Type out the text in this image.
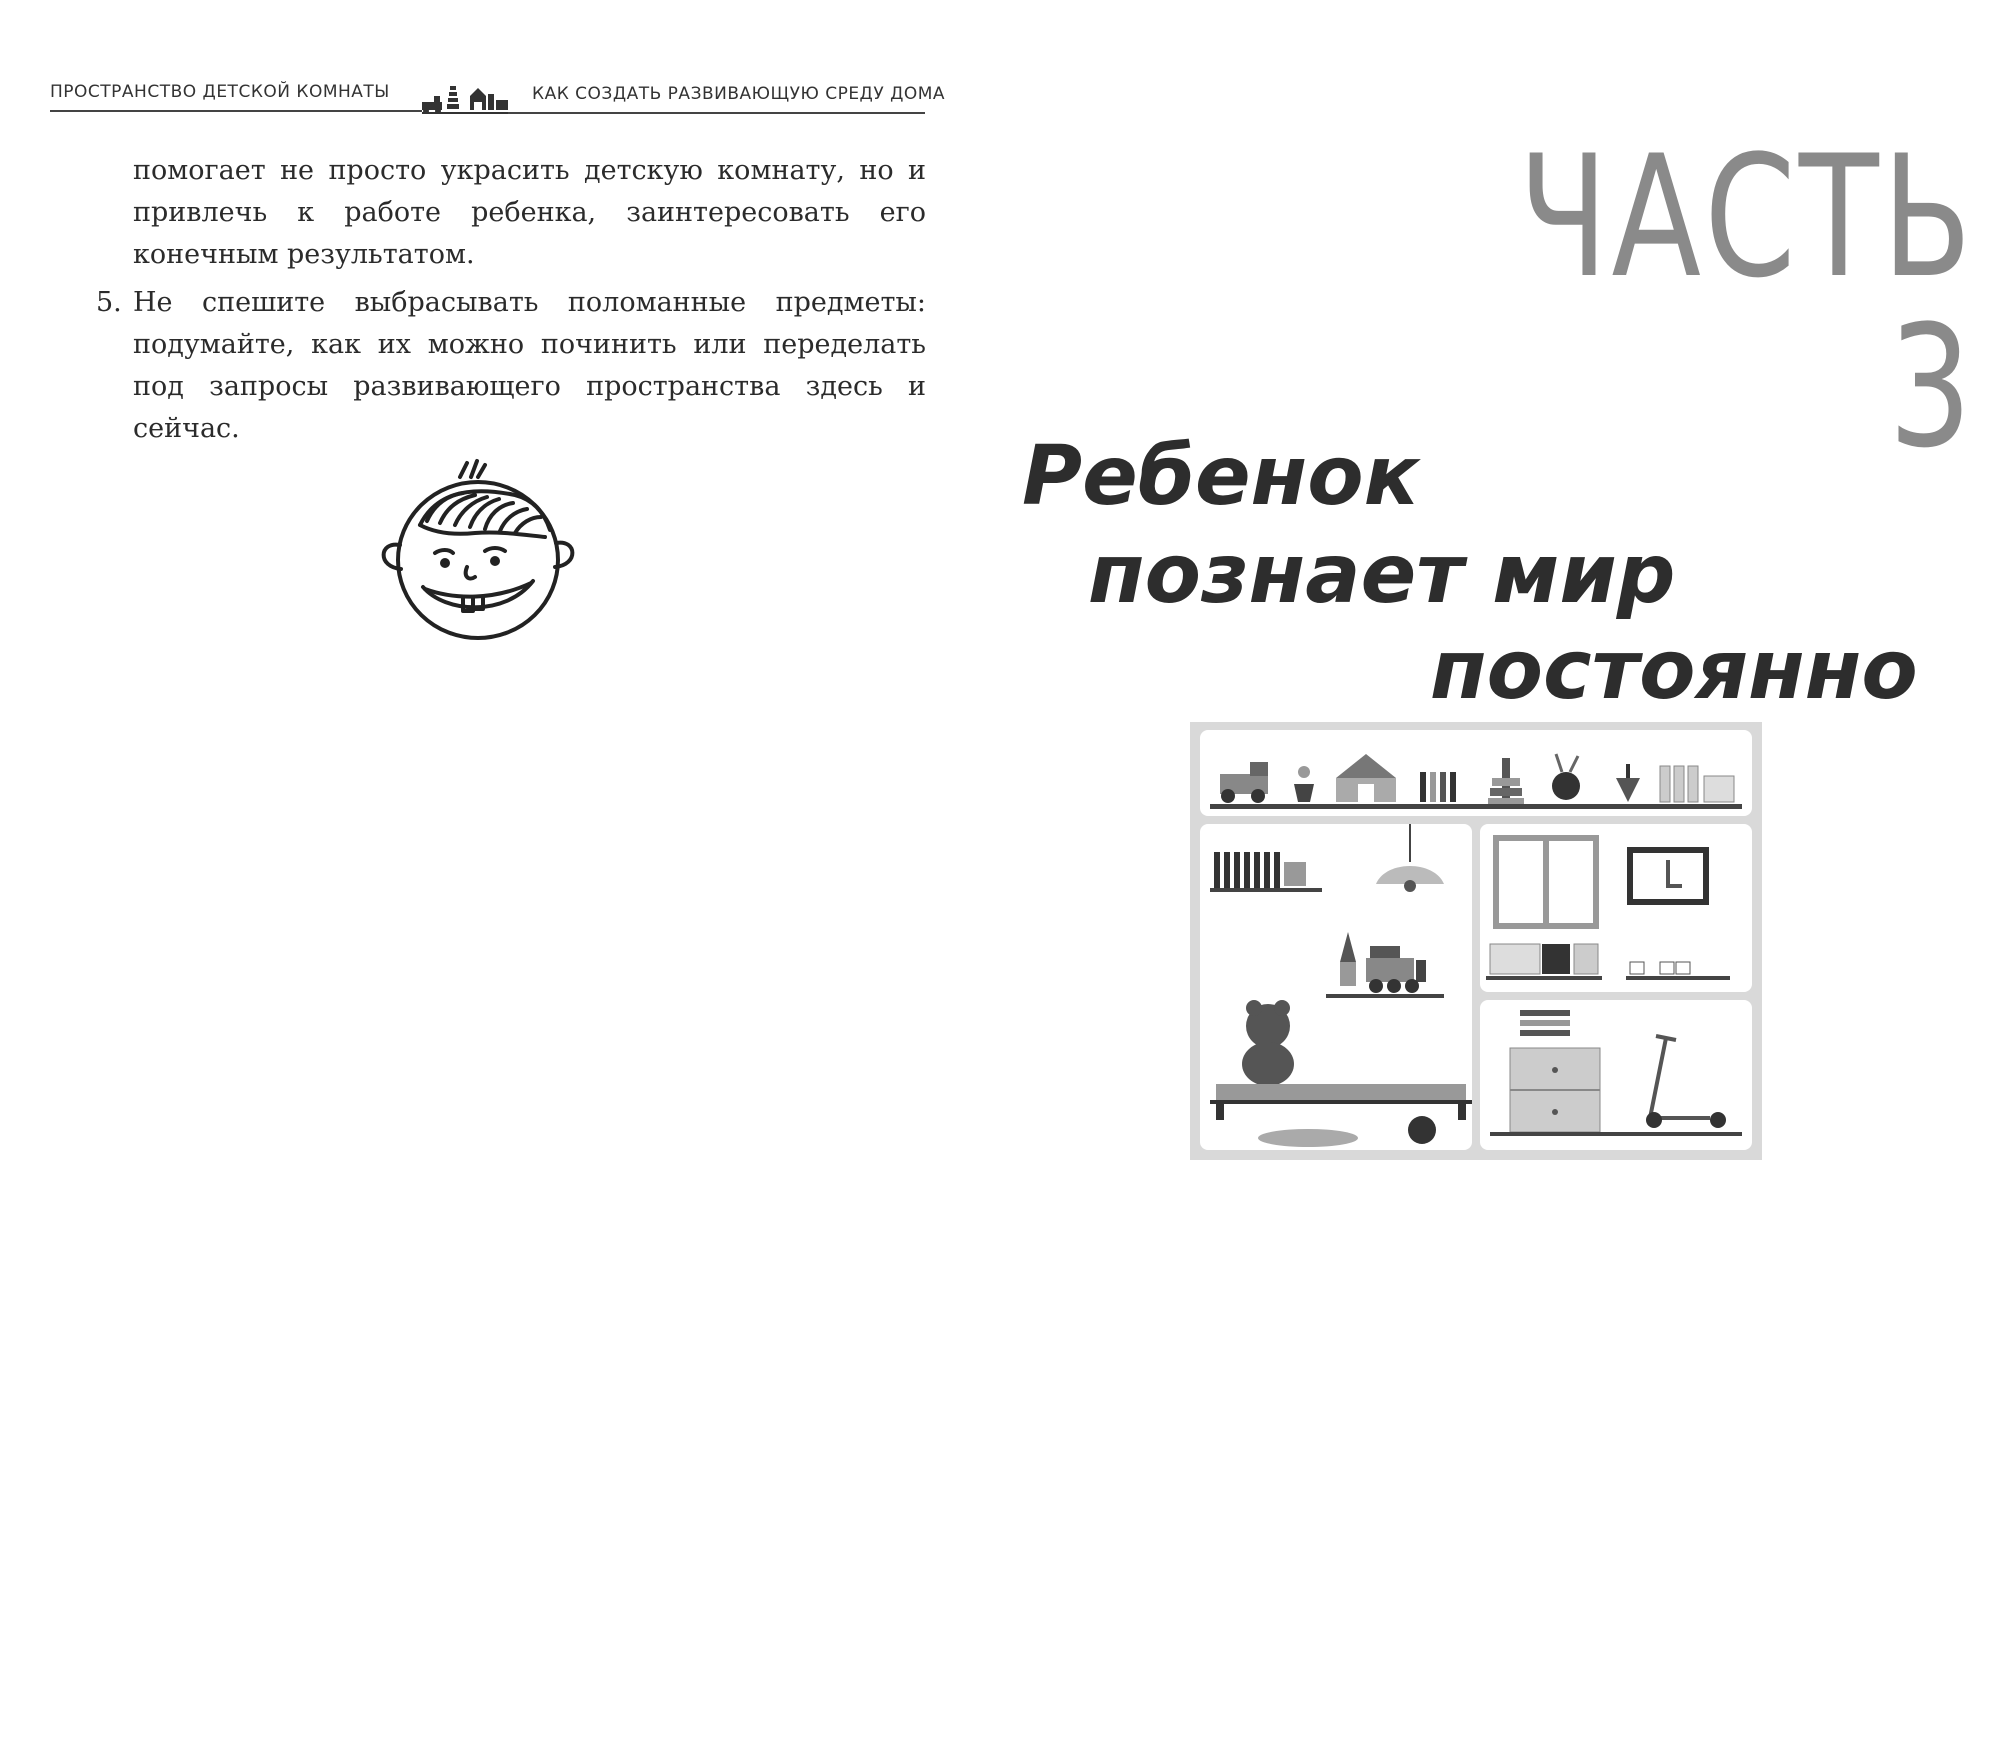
ПРОСТРАНСТВО ДЕТСКОЙ КОМНАТЫ	КАК СОЗДАТЬ РАЗВИВАЮЩУЮ СРЕДУ ДОМА

помогает не просто украсить детскую комнату, но и привлечь к работе ребенка, заинтересовать его конечным результатом.

5. Не спешите выбрасывать поломанные предметы: подумайте, как их можно починить или переделать под запросы развивающего пространства здесь и сейчас.
ЧАСТЬ 3
Ребенок
познает мир
постоянно
